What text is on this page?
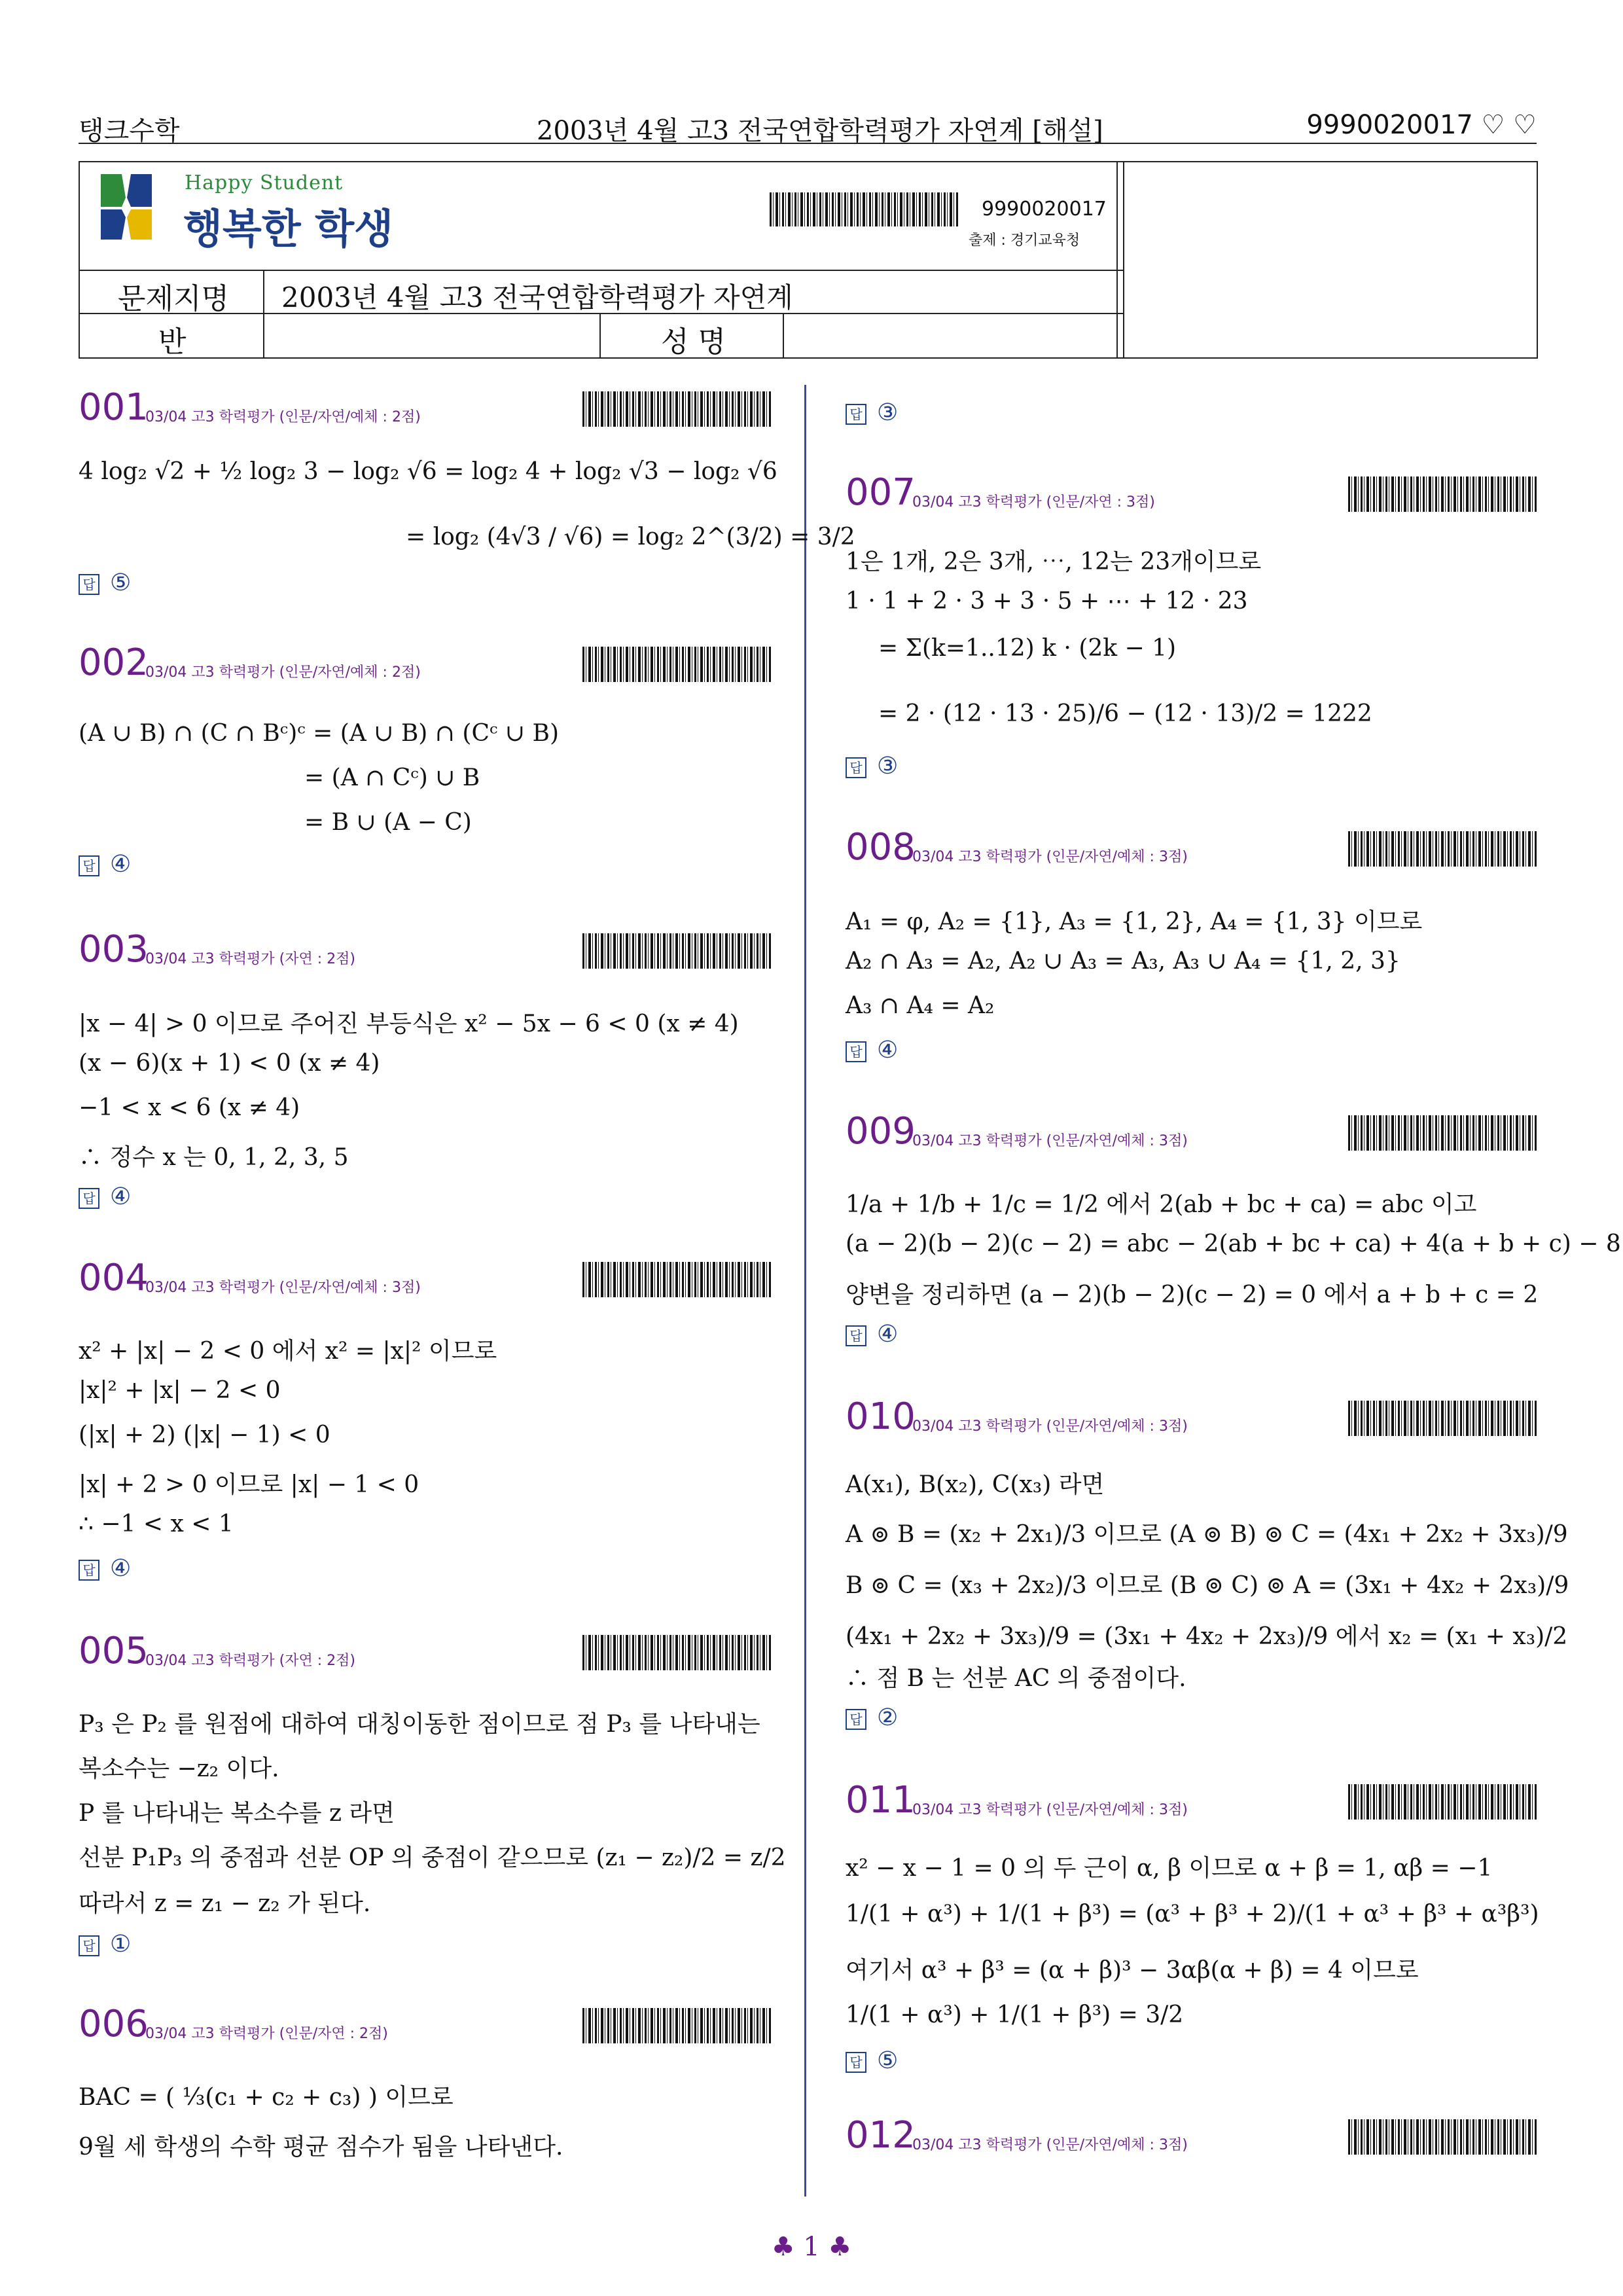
탱크수학	2003년 4월 고3 전국연합학력평가 자연계 [해설]	9990020017 ♡ ♡
Happy Student
행복한 학생	9990020017
출제 : 경기교육청
문제지명 2003년 4월 고3 전국연합학력평가 자연계
반	성 명
001
03/04 고3 학력평가 (인문/자연/예체 : 2점)
4 log₂ √2 + ½ log₂ 3 − log₂ √6 = log₂ 4 + log₂ √3 − log₂ √6
= log₂ (4√3 / √6) = log₂ 2^(3/2) = 3/2
답 ⑤
002
03/04 고3 학력평가 (인문/자연/예체 : 2점)
(A ∪ B) ∩ (C ∩ Bᶜ)ᶜ = (A ∪ B) ∩ (Cᶜ ∪ B)
= (A ∩ Cᶜ) ∪ B
= B ∪ (A − C)
답 ④
003
03/04 고3 학력평가 (자연 : 2점)
|x − 4| > 0 이므로 주어진 부등식은 x² − 5x − 6 < 0 (x ≠ 4)
(x − 6)(x + 1) < 0 (x ≠ 4)
−1 < x < 6 (x ≠ 4)
∴ 정수 x 는 0, 1, 2, 3, 5
답 ④
004
03/04 고3 학력평가 (인문/자연/예체 : 3점)
x² + |x| − 2 < 0 에서 x² = |x|² 이므로
|x|² + |x| − 2 < 0
(|x| + 2) (|x| − 1) < 0
|x| + 2 > 0 이므로 |x| − 1 < 0
∴ −1 < x < 1
답 ④
005
03/04 고3 학력평가 (자연 : 2점)
P₃ 은 P₂ 를 원점에 대하여 대칭이동한 점이므로 점 P₃ 를 나타내는
복소수는 −z₂ 이다.
P 를 나타내는 복소수를 z 라면
선분 P₁P₃ 의 중점과 선분 OP 의 중점이 같으므로 (z₁ − z₂)/2 = z/2
따라서 z = z₁ − z₂ 가 된다.
답 ①
006
03/04 고3 학력평가 (인문/자연 : 2점)
BAC = ( ⅓(c₁ + c₂ + c₃) ) 이므로
9월 세 학생의 수학 평균 점수가 됨을 나타낸다.
답 ③
007
03/04 고3 학력평가 (인문/자연 : 3점)
1은 1개, 2은 3개, ⋯, 12는 23개이므로
1 · 1 + 2 · 3 + 3 · 5 + ⋯ + 12 · 23
= Σ(k=1..12) k · (2k − 1)
= 2 · (12 · 13 · 25)/6 − (12 · 13)/2 = 1222
답 ③
008
03/04 고3 학력평가 (인문/자연/예체 : 3점)
A₁ = φ, A₂ = {1}, A₃ = {1, 2}, A₄ = {1, 3} 이므로
A₂ ∩ A₃ = A₂, A₂ ∪ A₃ = A₃, A₃ ∪ A₄ = {1, 2, 3}
A₃ ∩ A₄ = A₂
답 ④
009
03/04 고3 학력평가 (인문/자연/예체 : 3점)
1/a + 1/b + 1/c = 1/2 에서 2(ab + bc + ca) = abc 이고
(a − 2)(b − 2)(c − 2) = abc − 2(ab + bc + ca) + 4(a + b + c) − 8
양변을 정리하면 (a − 2)(b − 2)(c − 2) = 0 에서 a + b + c = 2
답 ④
010
03/04 고3 학력평가 (인문/자연/예체 : 3점)
A(x₁), B(x₂), C(x₃) 라면
A ⊚ B = (x₂ + 2x₁)/3 이므로 (A ⊚ B) ⊚ C = (4x₁ + 2x₂ + 3x₃)/9
B ⊚ C = (x₃ + 2x₂)/3 이므로 (B ⊚ C) ⊚ A = (3x₁ + 4x₂ + 2x₃)/9
(4x₁ + 2x₂ + 3x₃)/9 = (3x₁ + 4x₂ + 2x₃)/9 에서 x₂ = (x₁ + x₃)/2
∴ 점 B 는 선분 AC 의 중점이다.
답 ②
011
03/04 고3 학력평가 (인문/자연/예체 : 3점)
x² − x − 1 = 0 의 두 근이 α, β 이므로 α + β = 1, αβ = −1
1/(1 + α³) + 1/(1 + β³) = (α³ + β³ + 2)/(1 + α³ + β³ + α³β³)
여기서 α³ + β³ = (α + β)³ − 3αβ(α + β) = 4 이므로
1/(1 + α³) + 1/(1 + β³) = 3/2
답 ⑤
012
03/04 고3 학력평가 (인문/자연/예체 : 3점)
♣ 1 ♣
